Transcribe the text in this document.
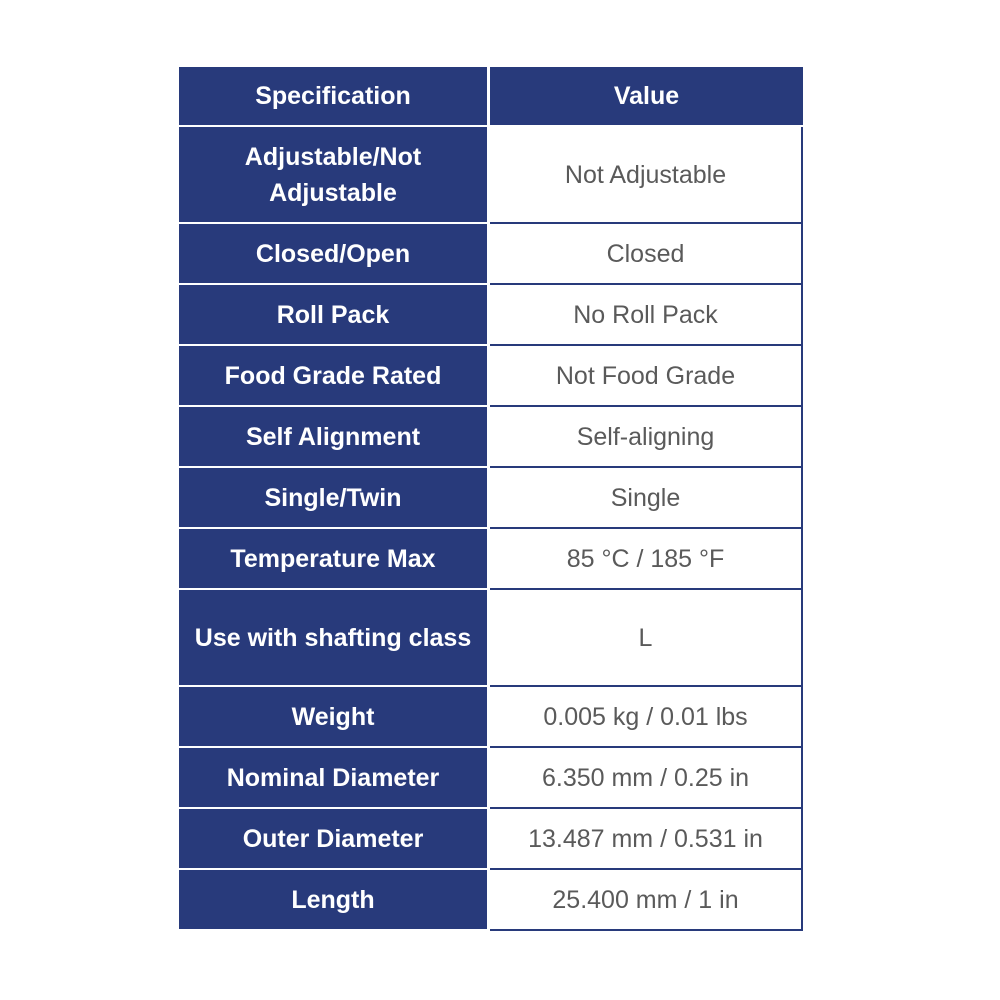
Specification	Value
Adjustable/Not Adjustable	Not Adjustable
Closed/Open	Closed
Roll Pack	No Roll Pack
Food Grade Rated	Not Food Grade
Self Alignment	Self-aligning
Single/Twin	Single
Temperature Max	85 °C / 185 °F
Use with shafting class	L
Weight	0.005 kg / 0.01 lbs
Nominal Diameter	6.350 mm / 0.25 in
Outer Diameter	13.487 mm / 0.531 in
Length	25.400 mm / 1 in
